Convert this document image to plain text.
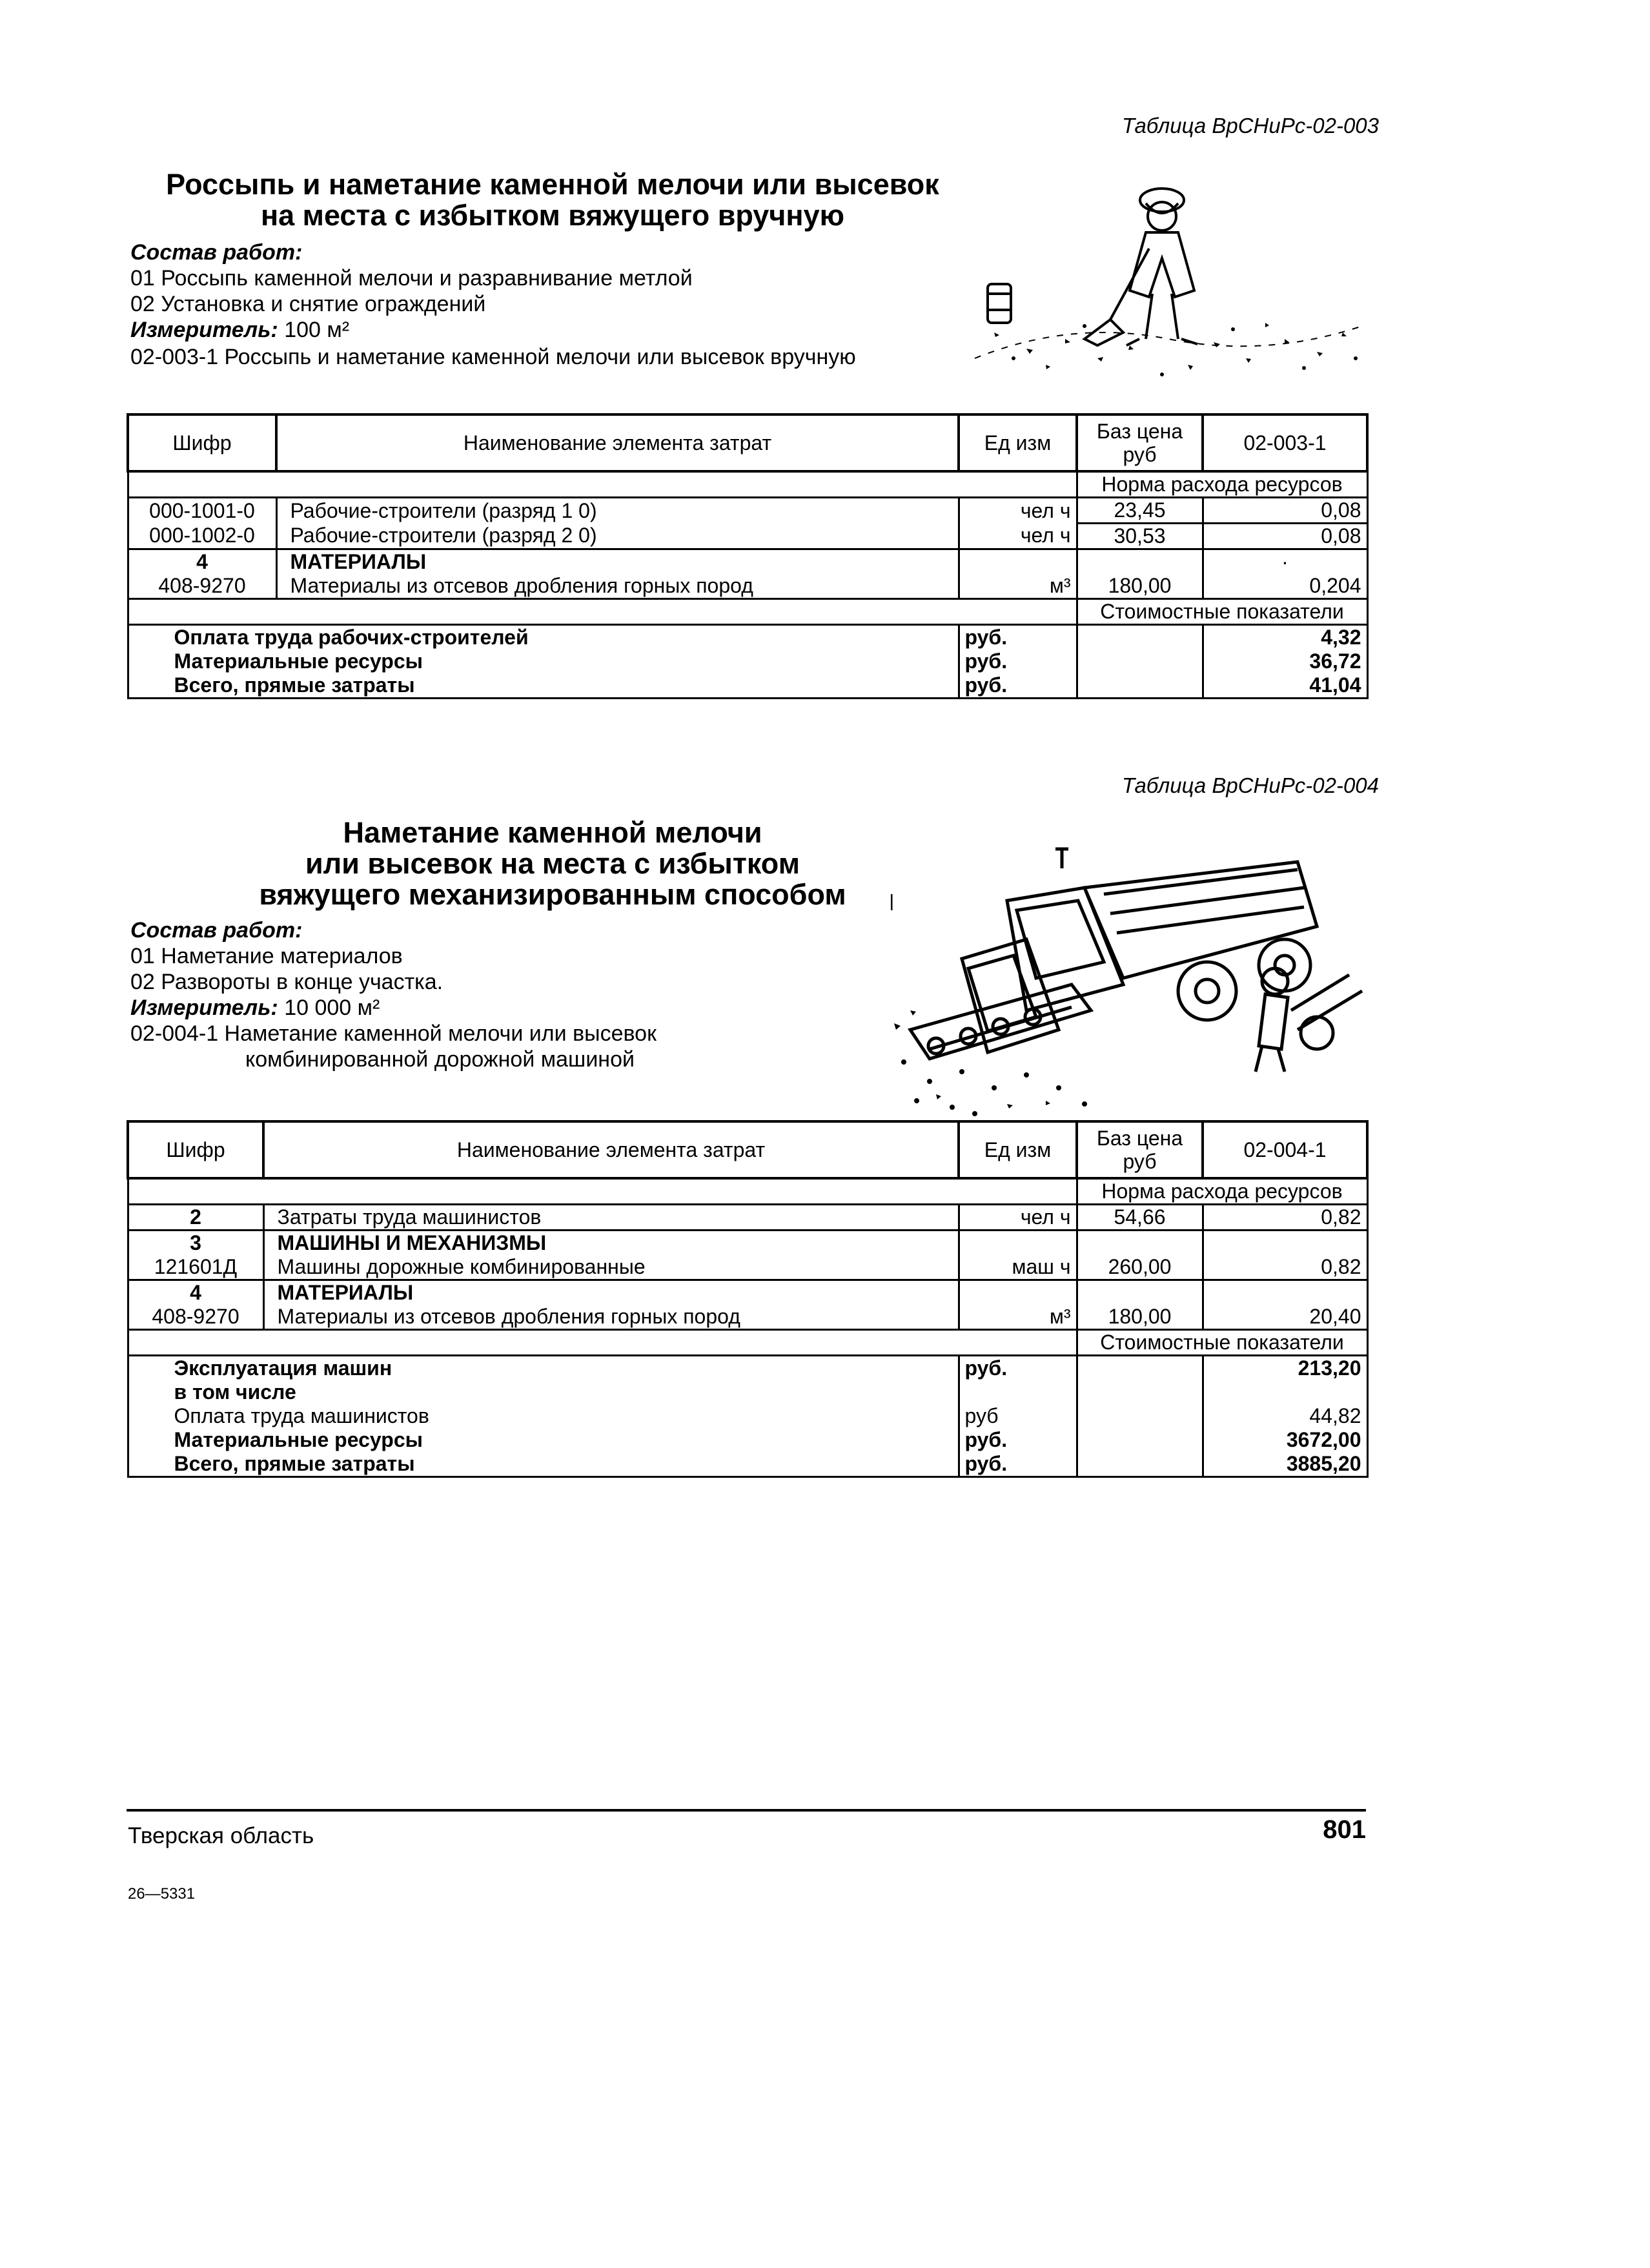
Таблица ВрСНиРс-02-003
Россыпь и наметание каменной мелочи или высевок
на места с избытком вяжущего вручную
Состав работ:
01 Россыпь каменной мелочи и разравнивание метлой
02 Установка и снятие ограждений
Измеритель: 100 м²
02-003-1 Россыпь и наметание каменной мелочи или высевок вручную
Шифр	Наименование элемента затрат	Ед изм	Баз цена руб	02-003-1
			Норма расхода ресурсов	
000-1001-0	Рабочие-строители (разряд 1 0)	чел ч	23,45	0,08
000-1002-0	Рабочие-строители (разряд 2 0)	чел ч	30,53	0,08
4	МАТЕРИАЛЫ			·
408-9270	Материалы из отсевов дробления горных пород	м³	180,00	0,204
			Стоимостные показатели	
Оплата труда рабочих-строителей		руб.		4,32
Материальные ресурсы		руб.		36,72
Всего, прямые затраты		руб.		41,04
Таблица ВрСНиРс-02-004
Наметание каменной мелочи
или высевок на места с избытком
вяжущего механизированным способом
Состав работ:
01 Наметание материалов
02 Развороты в конце участка.
Измеритель: 10 000 м²
02-004-1 Наметание каменной мелочи или высевок
комбинированной дорожной машиной
Шифр	Наименование элемента затрат	Ед изм	Баз цена руб	02-004-1
			Норма расхода ресурсов	
2	Затраты труда машинистов	чел ч	54,66	0,82
3	МАШИНЫ И МЕХАНИЗМЫ			
121601Д	Машины дорожные комбинированные	маш ч	260,00	0,82
4	МАТЕРИАЛЫ			
408-9270	Материалы из отсевов дробления горных пород	м³	180,00	20,40
			Стоимостные показатели	
Эксплуатация машин		руб.		213,20
в том числе				
Оплата труда машинистов		руб		44,82
Материальные ресурсы		руб.		3672,00
Всего, прямые затраты		руб.		3885,20
Тверская область	801
26—5331
